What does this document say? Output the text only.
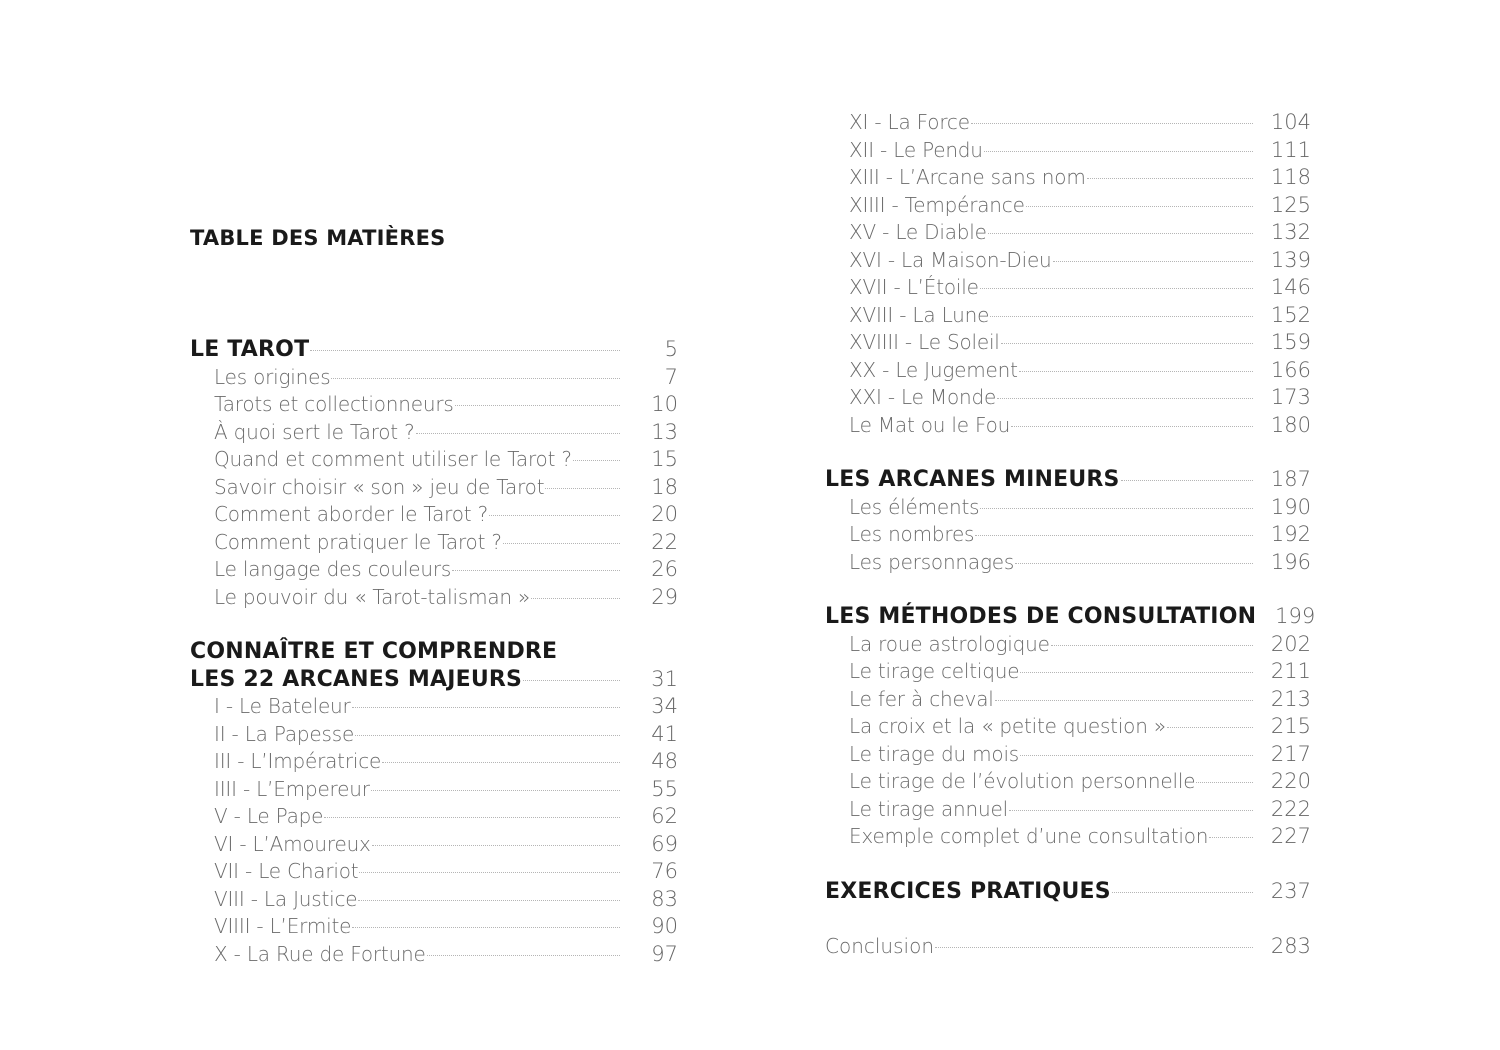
TABLE DES MATIÈRES
LE TAROT	5
Les origines	7
Tarots et collectionneurs	10
À quoi sert le Tarot ?	13
Quand et comment utiliser le Tarot ?	15
Savoir choisir « son » jeu de Tarot	18
Comment aborder le Tarot ?	20
Comment pratiquer le Tarot ?	22
Le langage des couleurs	26
Le pouvoir du « Tarot-talisman »	29
CONNAÎTRE ET COMPRENDRE
LES 22 ARCANES MAJEURS	31
I - Le Bateleur	34
II - La Papesse	41
III - L’Impératrice	48
IIII - L’Empereur	55
V - Le Pape	62
VI - L’Amoureux	69
VII - Le Chariot	76
VIII - La Justice	83
VIIII - L’Ermite	90
X - La Rue de Fortune	97
XI - La Force	104
XII - Le Pendu	111
XIII - L’Arcane sans nom	118
XIIII - Tempérance	125
XV - Le Diable	132
XVI - La Maison-Dieu	139
XVII - L’Étoile	146
XVIII - La Lune	152
XVIIII - Le Soleil	159
XX - Le Jugement	166
XXI - Le Monde	173
Le Mat ou le Fou	180
LES ARCANES MINEURS	187
Les éléments	190
Les nombres	192
Les personnages	196
LES MÉTHODES DE CONSULTATION 199
La roue astrologique	202
Le tirage celtique	211
Le fer à cheval	213
La croix et la « petite question »	215
Le tirage du mois	217
Le tirage de l’évolution personnelle	220
Le tirage annuel	222
Exemple complet d’une consultation	227
EXERCICES PRATIQUES	237
Conclusion	283
